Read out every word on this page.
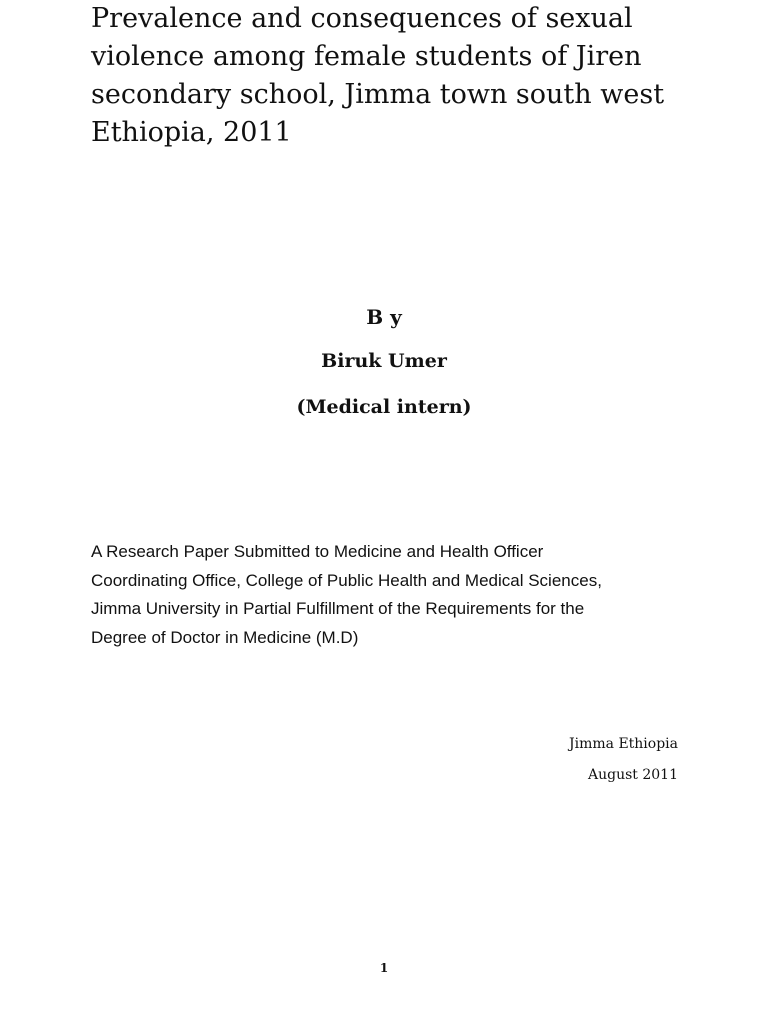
Prevalence and consequences of sexual
violence among female students of Jiren
secondary school, Jimma town south west
Ethiopia, 2011
B y
Biruk Umer
(Medical intern)

A Research Paper Submitted to Medicine and Health Officer
Coordinating Office, College of Public Health and Medical Sciences,
Jimma University in Partial Fulfillment of the Requirements for the
Degree of Doctor in Medicine (M.D)

Jimma Ethiopia
August 2011
1
